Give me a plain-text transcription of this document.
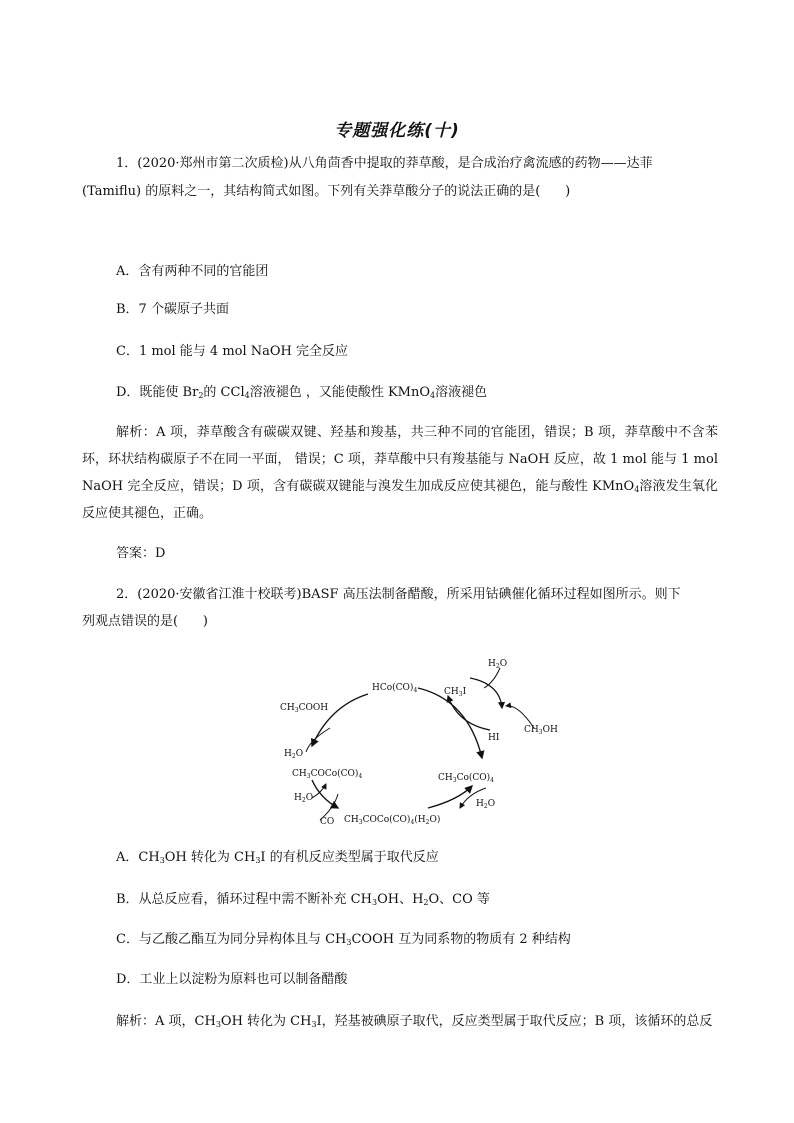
专题强化练(十)
1．(2020·郑州市第二次质检)从八角茴香中提取的莽草酸，是合成治疗禽流感的药物——达菲
(Tamiflu) 的原料之一，其结构简式如图。下列有关莽草酸分子的说法正确的是(      )
A．含有两种不同的官能团
B．7 个碳原子共面
C．1 mol 能与 4 mol NaOH 完全反应
D．既能使 $Br_2$的 CCl$_4$溶液褪色 ，又能使酸性 KMnO$_4$溶液褪色
解析：A 项，莽草酸含有碳碳双键、羟基和羧基，共三种不同的官能团，错误；B 项，莽草酸中不含苯环，环状结构碳原子不在同一平面， 错误；C 项，莽草酸中只有羧基能与 NaOH 反应，故 1 mol 能与 1 mol NaOH 完全反应，错误；D 项，含有碳碳双键能与溴发生加成反应使其褪色，能与酸性 KMnO$_4$溶液发生氧化反应使其褪色，正确。
答案：D
2．(2020·安徽省江淮十校联考)BASF 高压法制备醋酸，所采用钴碘催化循环过程如图所示。则下
列观点错误的是(      )
$HCo(CO)_4$	$CH_3I$
$H_2O$
HI
$CH_3OH$
$CH_3COOH$
$H_2O$
$CH_3COCo(CO)_4$	$CH_3Co(CO)_4$
$H_2O$
$H_2O$
CO $CH_3COCo(CO)_4(H_2O)$
A．$CH_3OH$ 转化为 $CH_3I$ 的有机反应类型属于取代反应
B．从总反应看，循环过程中需不断补充 $CH_3OH$、$H_2O$、CO 等
C．与乙酸乙酯互为同分异构体且与 $CH_3COOH$ 互为同系物的物质有 2 种结构
D．工业上以淀粉为原料也可以制备醋酸
解析：A 项，$CH_3OH$ 转化为 $CH_3I$，羟基被碘原子取代，反应类型属于取代反应；B 项，该循环的总反
